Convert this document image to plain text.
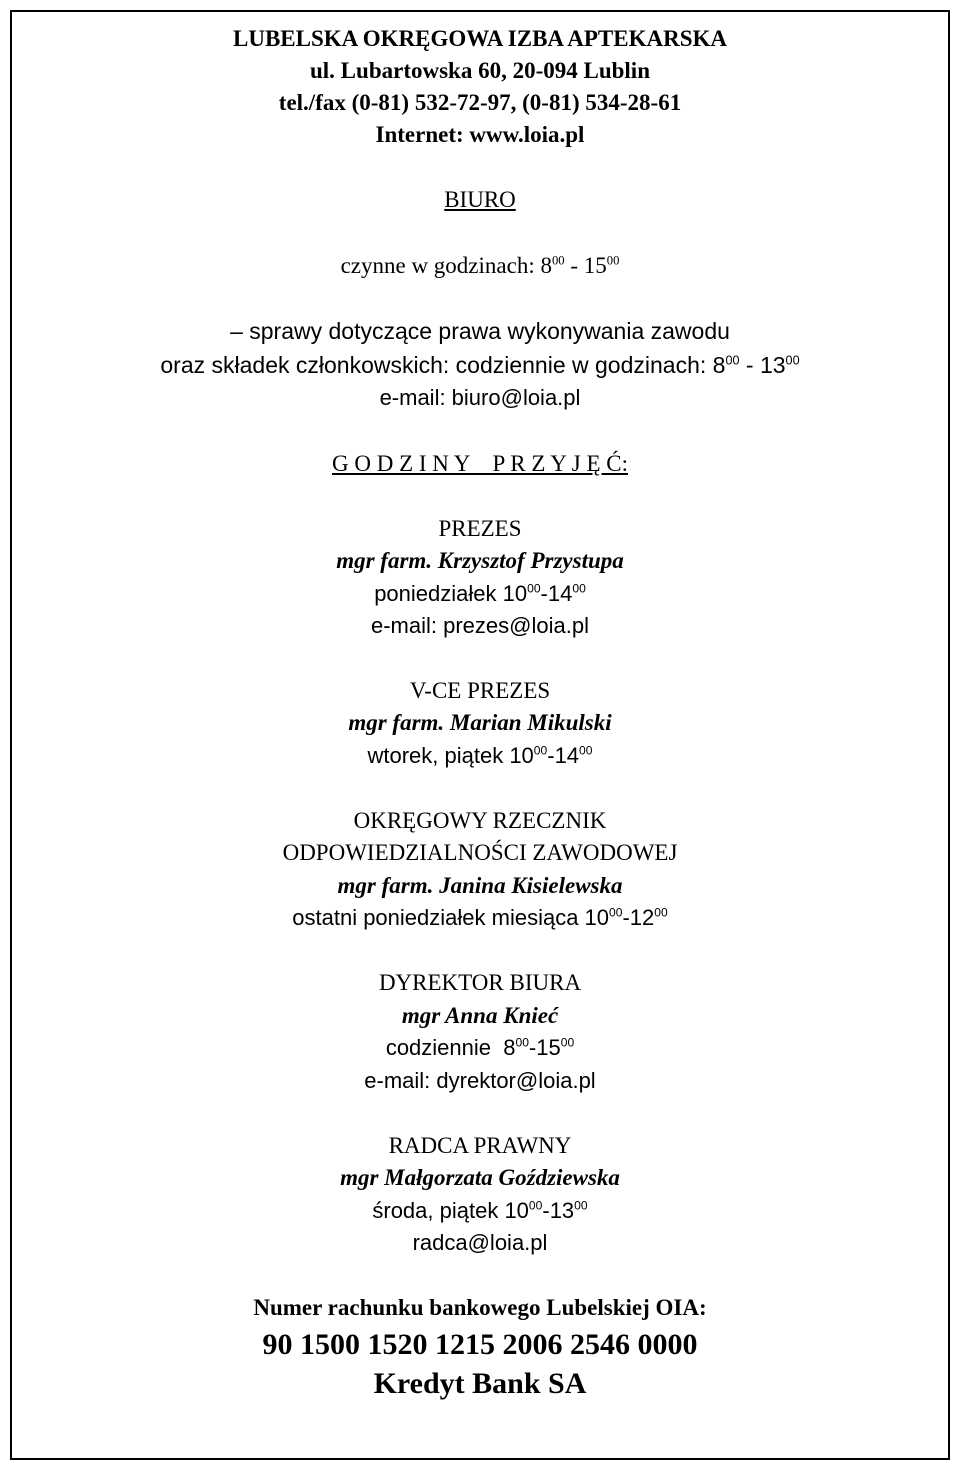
LUBELSKA OKRĘGOWA IZBA APTEKARSKA
ul. Lubartowska 60, 20-094 Lublin
tel./fax (0-81) 532-72-97, (0-81) 534-28-61
Internet: www.loia.pl
BIURO
czynne w godzinach: $8^{00} - 15^{00}$
– sprawy dotyczące prawa wykonywania zawodu
oraz składek członkowskich: codziennie w godzinach: $8^{00} - 13^{00}$
e-mail: biuro@loia.pl
G O D Z I N Y    P R Z Y J Ę Ć:
PREZES
mgr farm. Krzysztof Przystupa
poniedziałek $10^{00}-14^{00}$
e-mail: prezes@loia.pl
V-CE PREZES
mgr farm. Marian Mikulski
wtorek, piątek $10^{00}-14^{00}$
OKRĘGOWY RZECZNIK
ODPOWIEDZIALNOŚCI ZAWODOWEJ
mgr farm. Janina Kisielewska
ostatni poniedziałek miesiąca $10^{00}-12^{00}$
DYREKTOR BIURA
mgr Anna Knieć
codziennie  $8^{00}-15^{00}$
e-mail: dyrektor@loia.pl
RADCA PRAWNY
mgr Małgorzata Goździewska
środa, piątek $10^{00}-13^{00}$
radca@loia.pl
Numer rachunku bankowego Lubelskiej OIA:
90 1500 1520 1215 2006 2546 0000
Kredyt Bank SA
